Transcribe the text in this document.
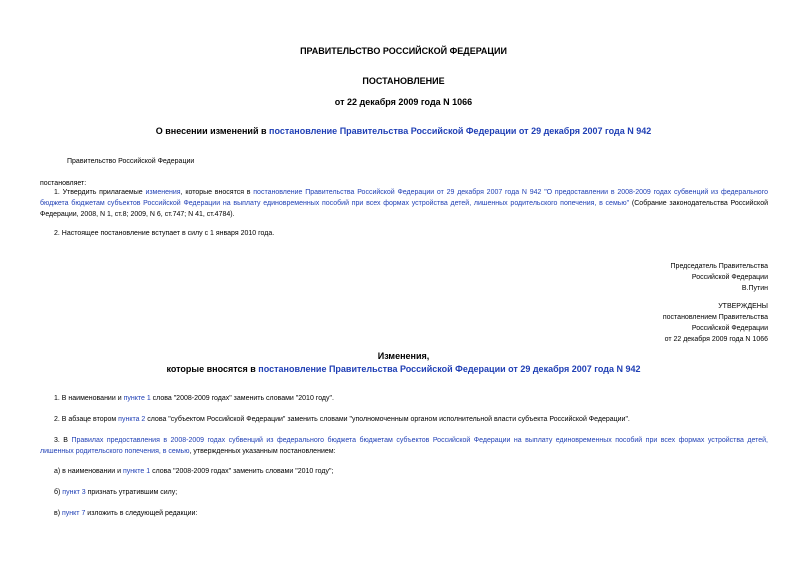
ПРАВИТЕЛЬСТВО РОССИЙСКОЙ ФЕДЕРАЦИИ
ПОСТАНОВЛЕНИЕ
от 22 декабря 2009 года N 1066
О внесении изменений в постановление Правительства Российской Федерации от 29 декабря 2007 года N 942
Правительство Российской Федерации
постановляет:
1. Утвердить прилагаемые изменения, которые вносятся в постановление Правительства Российской Федерации от 29 декабря 2007 года N 942 "О предоставлении в 2008-2009 годах субвенций из федерального бюджета бюджетам субъектов Российской Федерации на выплату единовременных пособий при всех формах устройства детей, лишенных родительского попечения, в семью" (Собрание законодательства Российской Федерации, 2008, N 1, ст.8; 2009, N 6, ст.747; N 41, ст.4784).
2. Настоящее постановление вступает в силу с 1 января 2010 года.
Председатель Правительства
Российской Федерации
В.Путин
УТВЕРЖДЕНЫ
постановлением Правительства
Российской Федерации
от 22 декабря 2009 года N 1066
Изменения,
которые вносятся в постановление Правительства Российской Федерации от 29 декабря 2007 года N 942
1. В наименовании и пункте 1 слова "2008-2009 годах" заменить словами "2010 году".
2. В абзаце втором пункта 2 слова "субъектом Российской Федерации" заменить словами "уполномоченным органом исполнительной власти субъекта Российской Федерации".
3. В Правилах предоставления в 2008-2009 годах субвенций из федерального бюджета бюджетам субъектов Российской Федерации на выплату единовременных пособий при всех формах устройства детей, лишенных родительского попечения, в семью, утвержденных указанным постановлением:
а) в наименовании и пункте 1 слова "2008-2009 годах" заменить словами "2010 году";
б) пункт 3 признать утратившим силу;
в) пункт 7 изложить в следующей редакции:
